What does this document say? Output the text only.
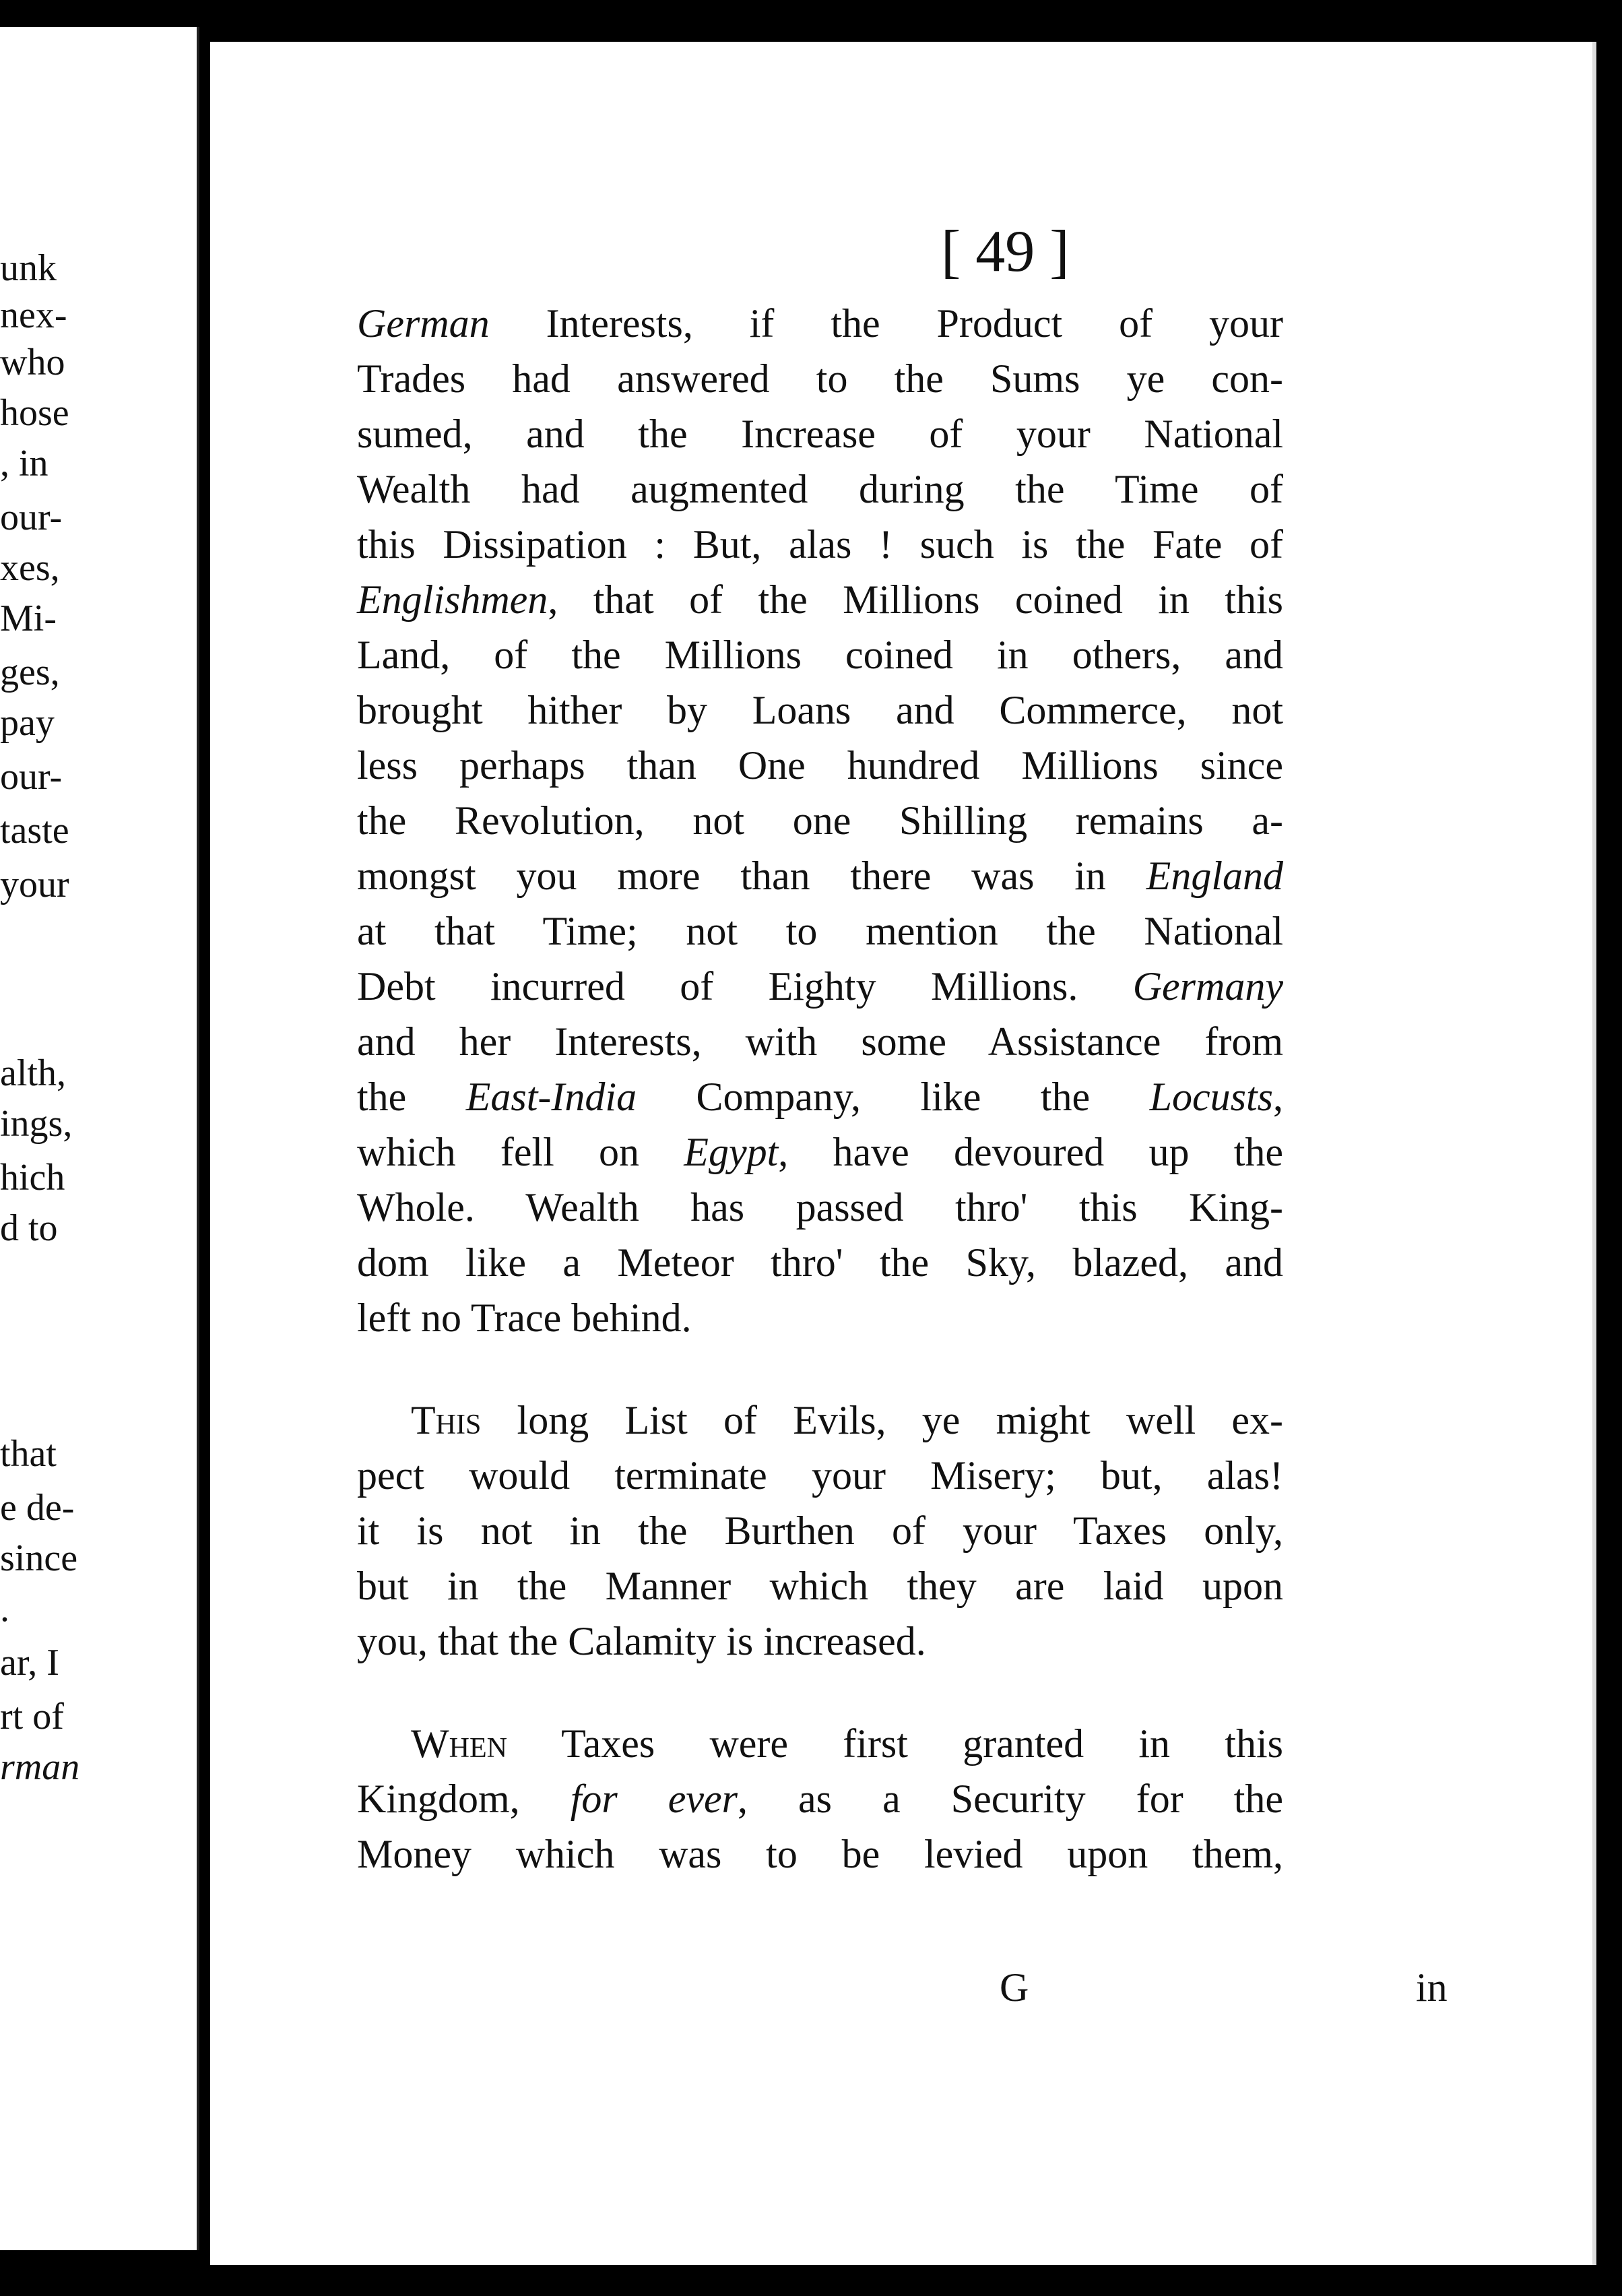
unk
nex-
who
hose
, in
our-
xes,
Mi-
ges,
pay
our-
taste
your
alth,
ings,
hich
d to
that
e de-
since
.
ar, I
rt of
rman
[ 49 ]
German Interests, if the Product of your
Trades had answered to the Sums ye con-
sumed, and the Increase of your National
Wealth had augmented during the Time of
this Dissipation : But, alas ! such is the Fate of
Englishmen, that of the Millions coined in this
Land, of the Millions coined in others, and
brought hither by Loans and Commerce, not
less perhaps than One hundred Millions since
the Revolution, not one Shilling remains a-
mongst you more than there was in England
at that Time; not to mention the National
Debt incurred of Eighty Millions. Germany
and her Interests, with some Assistance from
the East-India Company, like the Locusts,
which fell on Egypt, have devoured up the
Whole. Wealth has passed thro' this King-
dom like a Meteor thro' the Sky, blazed, and
left no Trace behind.
This long List of Evils, ye might well ex-
pect would terminate your Misery; but, alas!
it is not in the Burthen of your Taxes only,
but in the Manner which they are laid upon
you, that the Calamity is increased.
When Taxes were first granted in this
Kingdom, for ever, as a Security for the
Money which was to be levied upon them,
G	in
